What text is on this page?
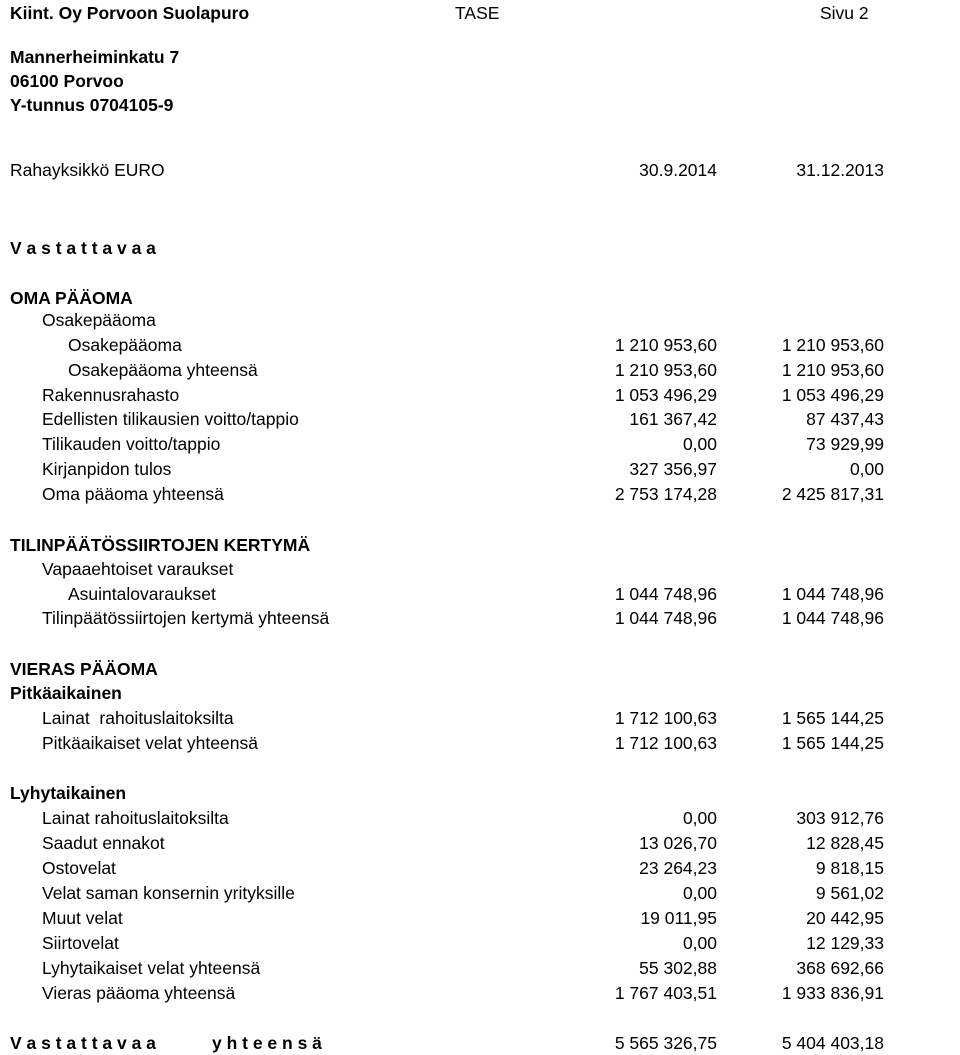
Kiint. Oy Porvoon Suolapuro	TASE	Sivu 2
Mannerheiminkatu 7
06100 Porvoo
Y-tunnus 0704105-9
Rahayksikkö EURO	30.9.2014	31.12.2013
V a s t a t t a v a a
OMA PÄÄOMA
Osakepääoma
Osakepääoma	1 210 953,60	1 210 953,60
Osakepääoma yhteensä	1 210 953,60	1 210 953,60
Rakennusrahasto	1 053 496,29	1 053 496,29
Edellisten tilikausien voitto/tappio	161 367,42	87 437,43
Tilikauden voitto/tappio	0,00	73 929,99
Kirjanpidon tulos	327 356,97	0,00
Oma pääoma yhteensä	2 753 174,28	2 425 817,31
TILINPÄÄTÖSSIIRTOJEN KERTYMÄ
Vapaaehtoiset varaukset
Asuintalovaraukset	1 044 748,96	1 044 748,96
Tilinpäätössiirtojen kertymä yhteensä	1 044 748,96	1 044 748,96
VIERAS PÄÄOMA
Pitkäaikainen
Lainat  rahoituslaitoksilta	1 712 100,63	1 565 144,25
Pitkäaikaiset velat yhteensä	1 712 100,63	1 565 144,25
Lyhytaikainen
Lainat rahoituslaitoksilta	0,00	303 912,76
Saadut ennakot	13 026,70	12 828,45
Ostovelat	23 264,23	9 818,15
Velat saman konsernin yrityksille	0,00	9 561,02
Muut velat	19 011,95	20 442,95
Siirtovelat	0,00	12 129,33
Lyhytaikaiset velat yhteensä	55 302,88	368 692,66
Vieras pääoma yhteensä	1 767 403,51	1 933 836,91
V a s t a t t a v a a	y h t e e n s ä	5 565 326,75	5 404 403,18
